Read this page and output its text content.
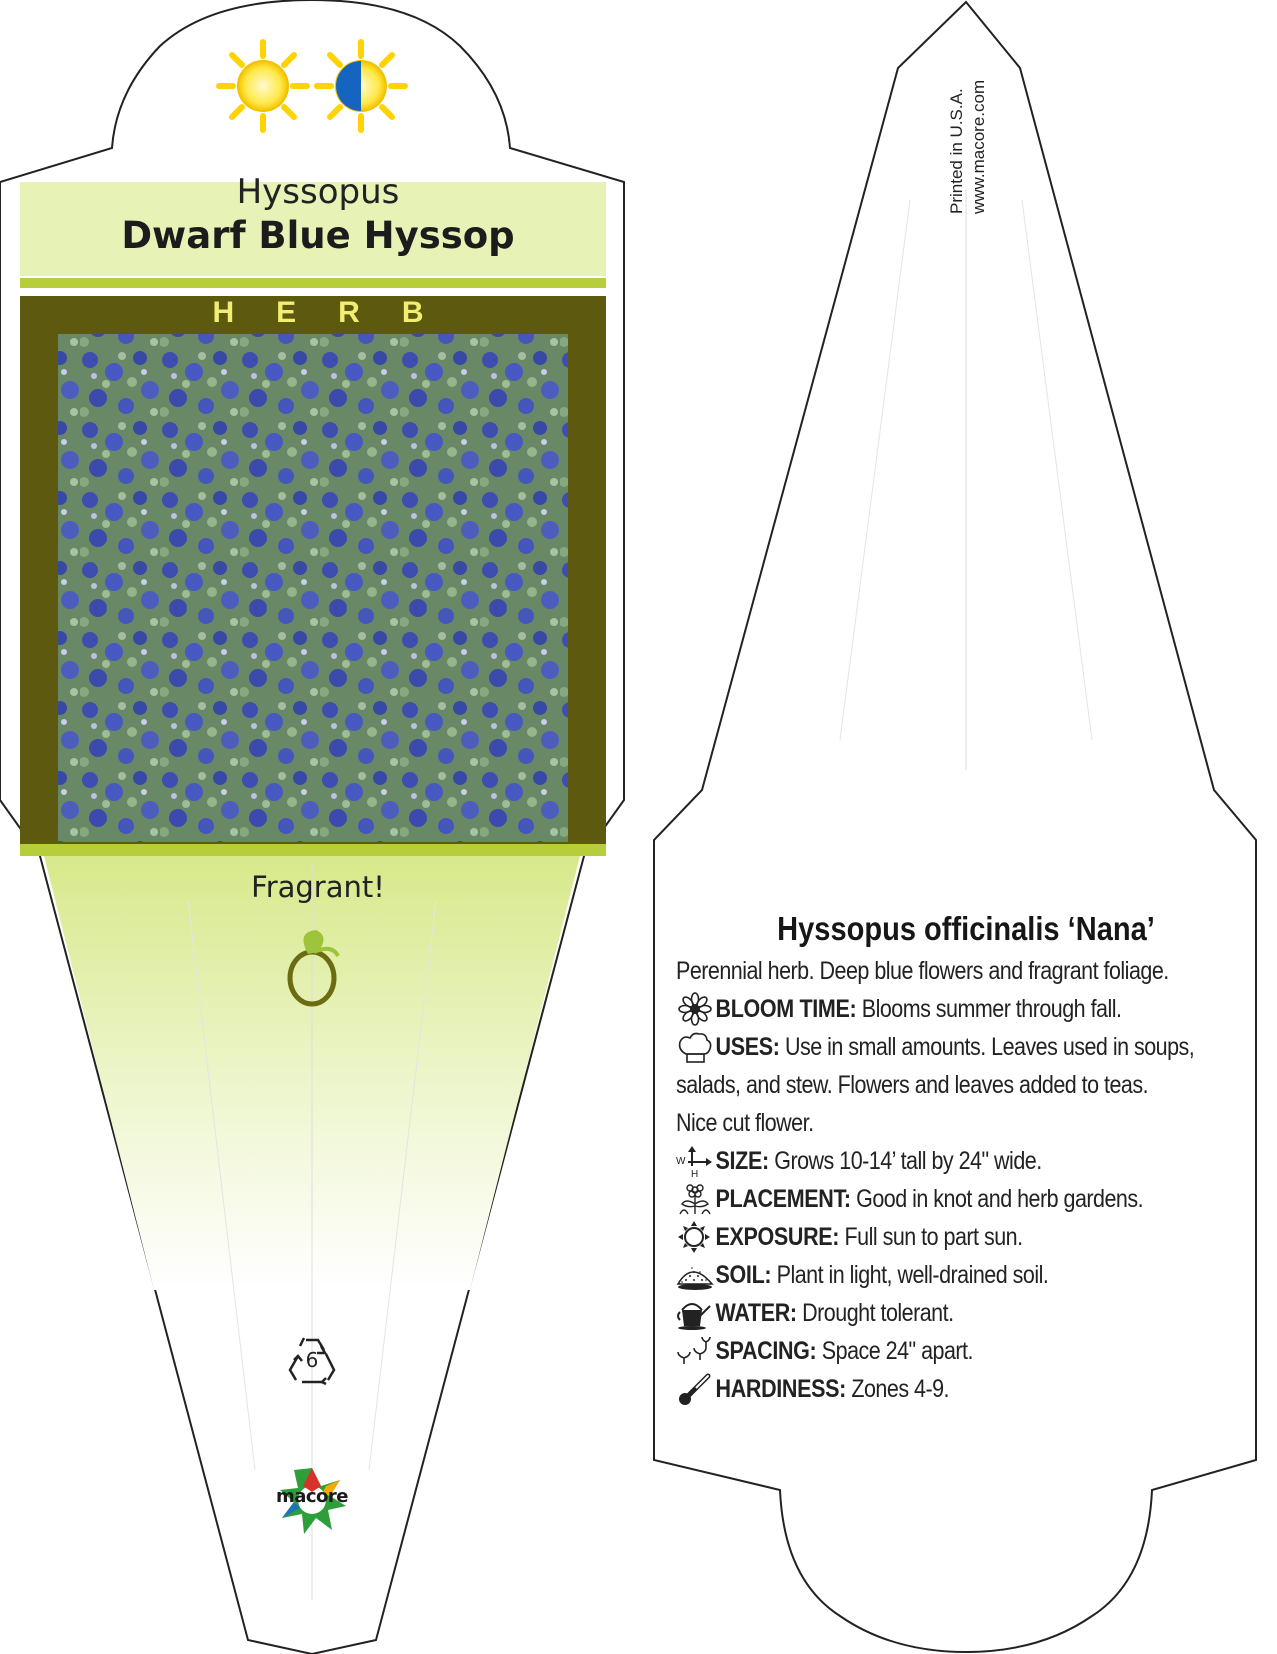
Hyssopus
Dwarf Blue Hyssop
HERB
Fragrant!
6
macore
Printed in U.S.A. www.macore.com
Hyssopus officinalis ‘Nana’
Perennial herb. Deep blue flowers and fragrant foliage.
BLOOM TIME: Blooms summer through fall.
USES: Use in small amounts. Leaves used in soups,
salads, and stew. Flowers and leaves added to teas.
Nice cut flower.
W
H SIZE: Grows 10-14’ tall by 24" wide.
PLACEMENT: Good in knot and herb gardens.
EXPOSURE: Full sun to part sun.
SOIL: Plant in light, well-drained soil.
WATER: Drought tolerant.
SPACING: Space 24" apart.
HARDINESS: Zones 4-9.
